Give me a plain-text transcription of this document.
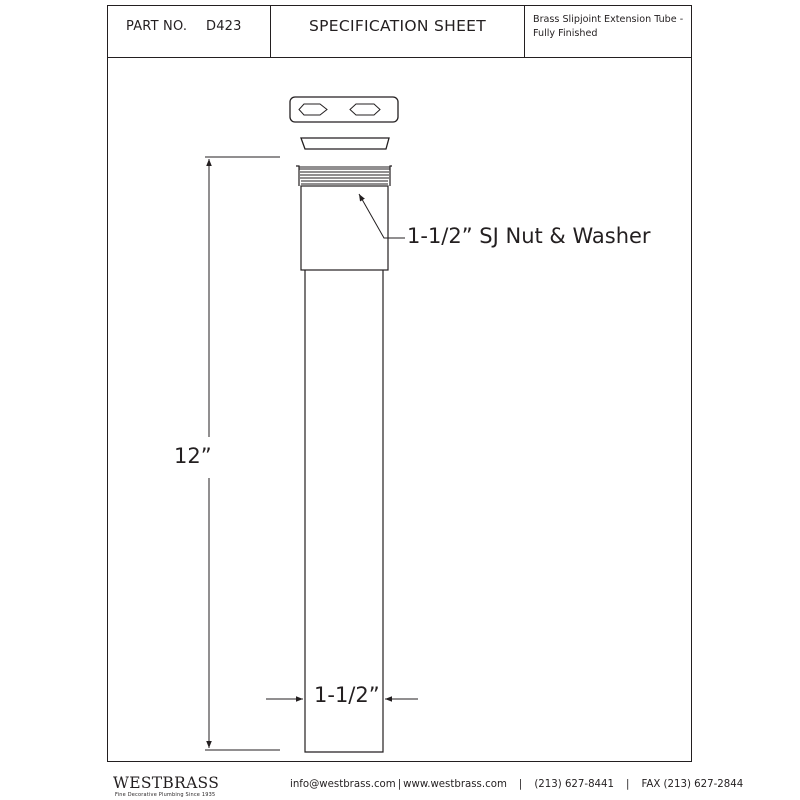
PART NO. D423	SPECIFICATION SHEET	Brass Slipjoint Extension Tube -
Fully Finished
1-1/2” SJ Nut & Washer
12”
1-1/2”
WESTBRASS
Fine Decorative Plumbing Since 1935
info@westbrass.com | www.westbrass.com | (213) 627-8441 | FAX (213) 627-2844
